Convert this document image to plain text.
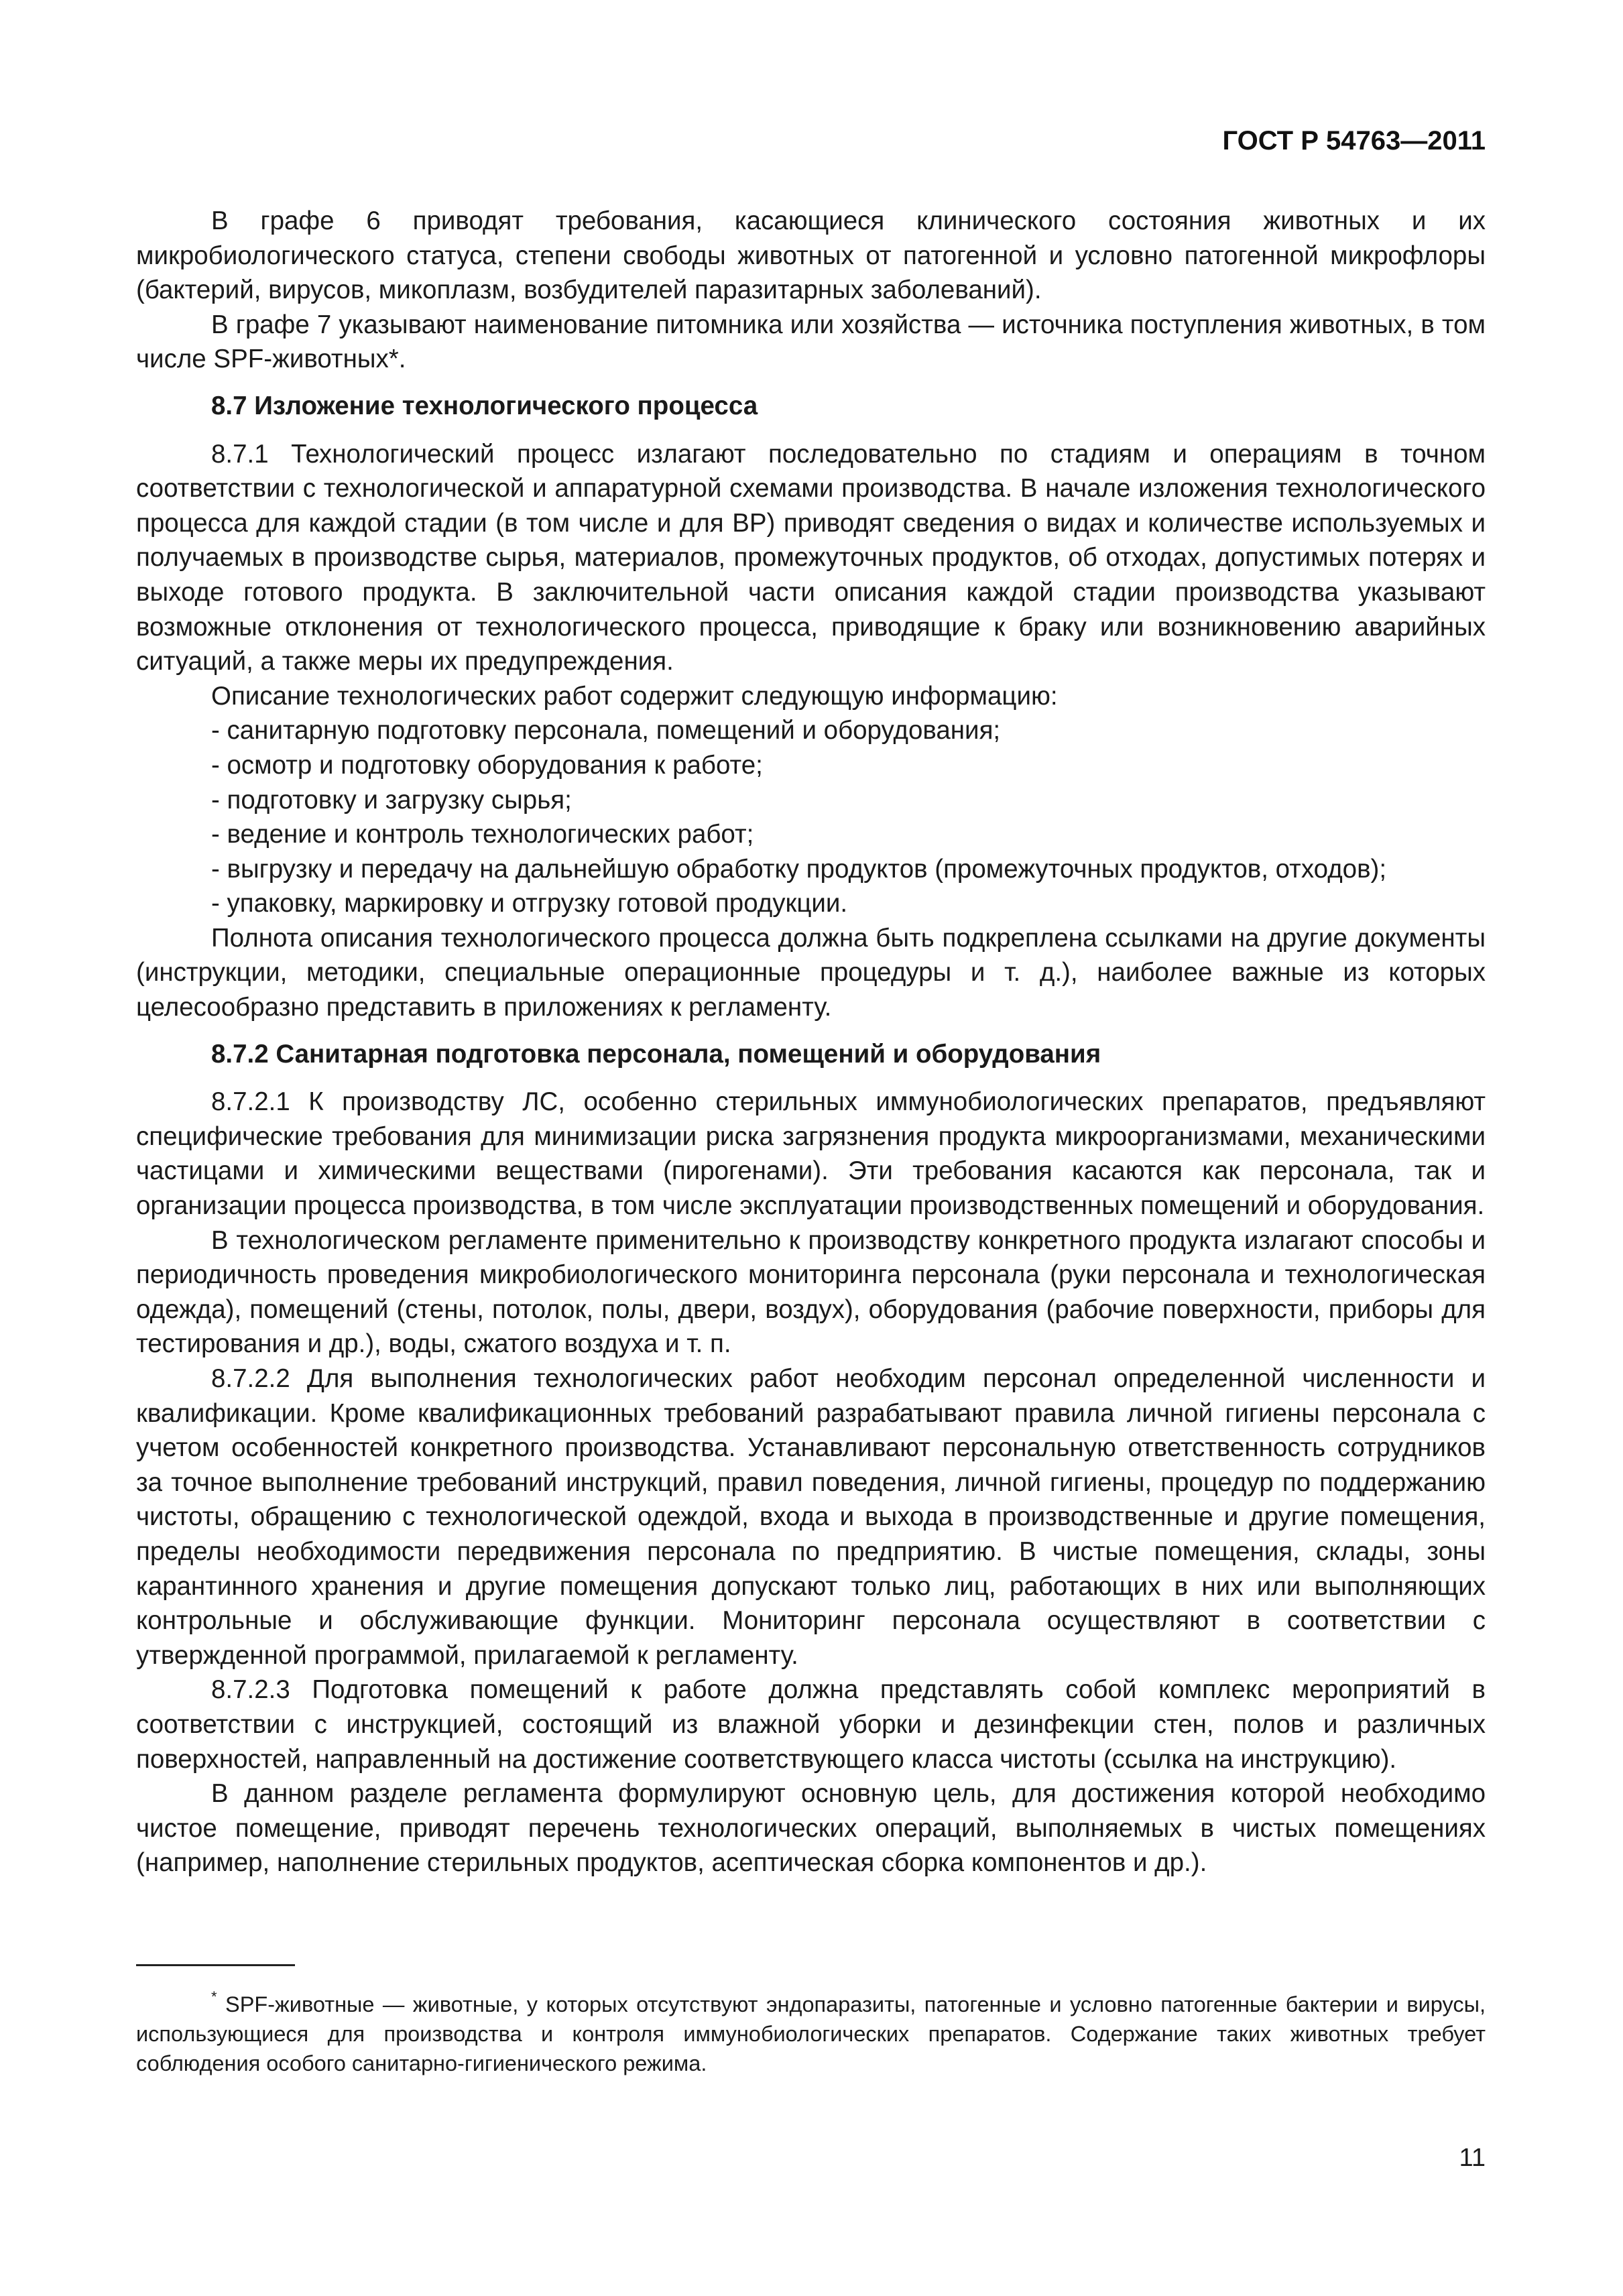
ГОСТ Р 54763—2011

В графе 6 приводят требования, касающиеся клинического состояния животных и их микробиологического статуса, степени свободы животных от патогенной и условно патогенной микрофлоры (бактерий, вирусов, микоплазм, возбудителей паразитарных заболеваний).

В графе 7 указывают наименование питомника или хозяйства — источника поступления животных, в том числе SPF-животных*.

8.7 Изложение технологического процесса

8.7.1 Технологический процесс излагают последовательно по стадиям и операциям в точном соответствии с технологической и аппаратурной схемами производства. В начале изложения технологического процесса для каждой стадии (в том числе и для ВР) приводят сведения о видах и количестве используемых и получаемых в производстве сырья, материалов, промежуточных продуктов, об отходах, допустимых потерях и выходе готового продукта. В заключительной части описания каждой стадии производства указывают возможные отклонения от технологического процесса, приводящие к браку или возникновению аварийных ситуаций, а также меры их предупреждения.

Описание технологических работ содержит следующую информацию:

- санитарную подготовку персонала, помещений и оборудования;
- осмотр и подготовку оборудования к работе;
- подготовку и загрузку сырья;
- ведение и контроль технологических работ;
- выгрузку и передачу на дальнейшую обработку продуктов (промежуточных продуктов, отходов);
- упаковку, маркировку и отгрузку готовой продукции.

Полнота описания технологического процесса должна быть подкреплена ссылками на другие документы (инструкции, методики, специальные операционные процедуры и т. д.), наиболее важные из которых целесообразно представить в приложениях к регламенту.

8.7.2 Санитарная подготовка персонала, помещений и оборудования

8.7.2.1 К производству ЛС, особенно стерильных иммунобиологических препаратов, предъявляют специфические требования для минимизации риска загрязнения продукта микроорганизмами, механическими частицами и химическими веществами (пирогенами). Эти требования касаются как персонала, так и организации процесса производства, в том числе эксплуатации производственных помещений и оборудования.

В технологическом регламенте применительно к производству конкретного продукта излагают способы и периодичность проведения микробиологического мониторинга персонала (руки персонала и технологическая одежда), помещений (стены, потолок, полы, двери, воздух), оборудования (рабочие поверхности, приборы для тестирования и др.), воды, сжатого воздуха и т. п.

8.7.2.2 Для выполнения технологических работ необходим персонал определенной численности и квалификации. Кроме квалификационных требований разрабатывают правила личной гигиены персонала с учетом особенностей конкретного производства. Устанавливают персональную ответственность сотрудников за точное выполнение требований инструкций, правил поведения, личной гигиены, процедур по поддержанию чистоты, обращению с технологической одеждой, входа и выхода в производственные и другие помещения, пределы необходимости передвижения персонала по предприятию. В чистые помещения, склады, зоны карантинного хранения и другие помещения допускают только лиц, работающих в них или выполняющих контрольные и обслуживающие функции. Мониторинг персонала осуществляют в соответствии с утвержденной программой, прилагаемой к регламенту.

8.7.2.3 Подготовка помещений к работе должна представлять собой комплекс мероприятий в соответствии с инструкцией, состоящий из влажной уборки и дезинфекции стен, полов и различных поверхностей, направленный на достижение соответствующего класса чистоты (ссылка на инструкцию).

В данном разделе регламента формулируют основную цель, для достижения которой необходимо чистое помещение, приводят перечень технологических операций, выполняемых в чистых помещениях (например, наполнение стерильных продуктов, асептическая сборка компонентов и др.).

* SPF-животные — животные, у которых отсутствуют эндопаразиты, патогенные и условно патогенные бактерии и вирусы, использующиеся для производства и контроля иммунобиологических препаратов. Содержание таких животных требует соблюдения особого санитарно-гигиенического режима.
11
